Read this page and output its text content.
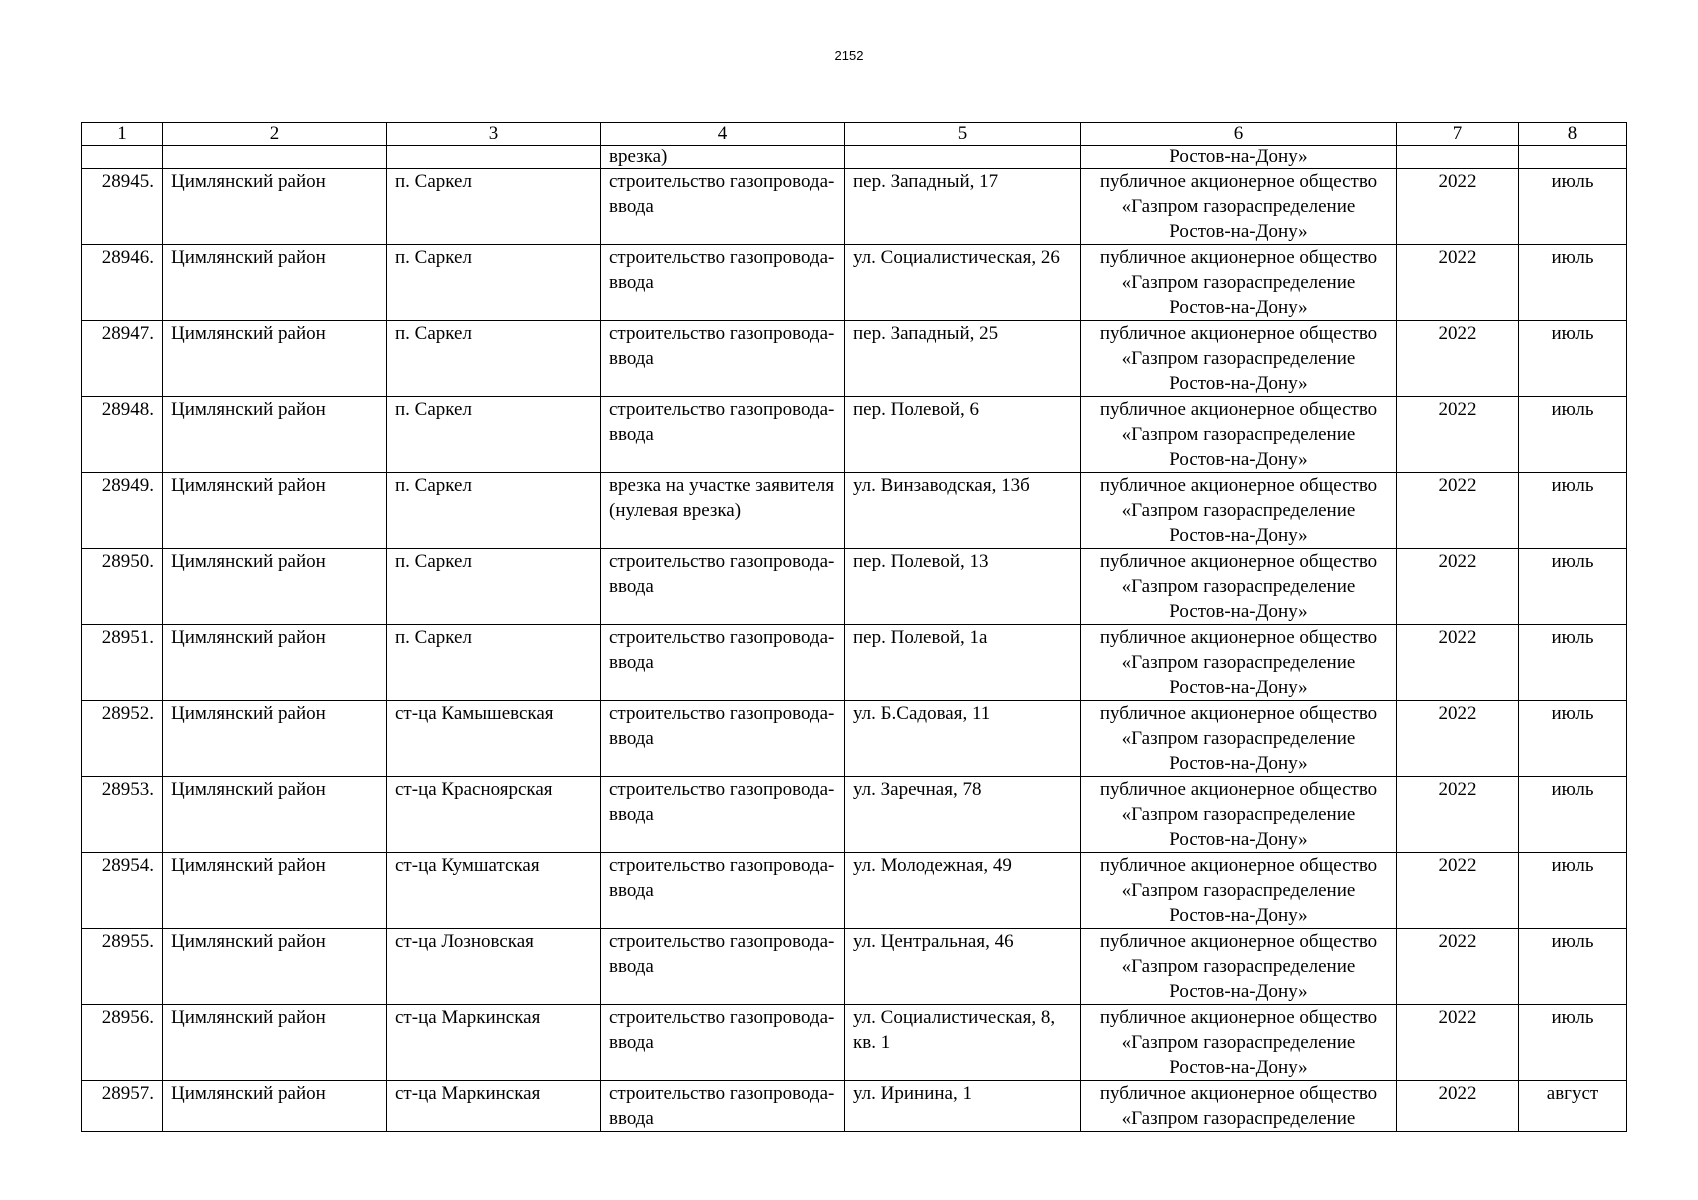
2152
1	2	3	4	5	6	7	8
			врезка)		Ростов-на-Дону»		
28945.	Цимлянский район	п. Саркел	строительство газопровода-ввода	пер. Западный, 17	публичное акционерное общество «Газпром газораспределение Ростов-на-Дону»	2022	июль
28946.	Цимлянский район	п. Саркел	строительство газопровода-ввода	ул. Социалистическая, 26	публичное акционерное общество «Газпром газораспределение Ростов-на-Дону»	2022	июль
28947.	Цимлянский район	п. Саркел	строительство газопровода-ввода	пер. Западный, 25	публичное акционерное общество «Газпром газораспределение Ростов-на-Дону»	2022	июль
28948.	Цимлянский район	п. Саркел	строительство газопровода-ввода	пер. Полевой, 6	публичное акционерное общество «Газпром газораспределение Ростов-на-Дону»	2022	июль
28949.	Цимлянский район	п. Саркел	врезка на участке заявителя (нулевая врезка)	ул. Винзаводская, 13б	публичное акционерное общество «Газпром газораспределение Ростов-на-Дону»	2022	июль
28950.	Цимлянский район	п. Саркел	строительство газопровода-ввода	пер. Полевой, 13	публичное акционерное общество «Газпром газораспределение Ростов-на-Дону»	2022	июль
28951.	Цимлянский район	п. Саркел	строительство газопровода-ввода	пер. Полевой, 1а	публичное акционерное общество «Газпром газораспределение Ростов-на-Дону»	2022	июль
28952.	Цимлянский район	ст-ца Камышевская	строительство газопровода-ввода	ул. Б.Садовая, 11	публичное акционерное общество «Газпром газораспределение Ростов-на-Дону»	2022	июль
28953.	Цимлянский район	ст-ца Красноярская	строительство газопровода-ввода	ул. Заречная, 78	публичное акционерное общество «Газпром газораспределение Ростов-на-Дону»	2022	июль
28954.	Цимлянский район	ст-ца Кумшатская	строительство газопровода-ввода	ул. Молодежная, 49	публичное акционерное общество «Газпром газораспределение Ростов-на-Дону»	2022	июль
28955.	Цимлянский район	ст-ца Лозновская	строительство газопровода-ввода	ул. Центральная, 46	публичное акционерное общество «Газпром газораспределение Ростов-на-Дону»	2022	июль
28956.	Цимлянский район	ст-ца Маркинская	строительство газопровода-ввода	ул. Социалистическая, 8, кв. 1	публичное акционерное общество «Газпром газораспределение Ростов-на-Дону»	2022	июль
28957.	Цимлянский район	ст-ца Маркинская	строительство газопровода-ввода	ул. Иринина, 1	публичное акционерное общество «Газпром газораспределение	2022	август
